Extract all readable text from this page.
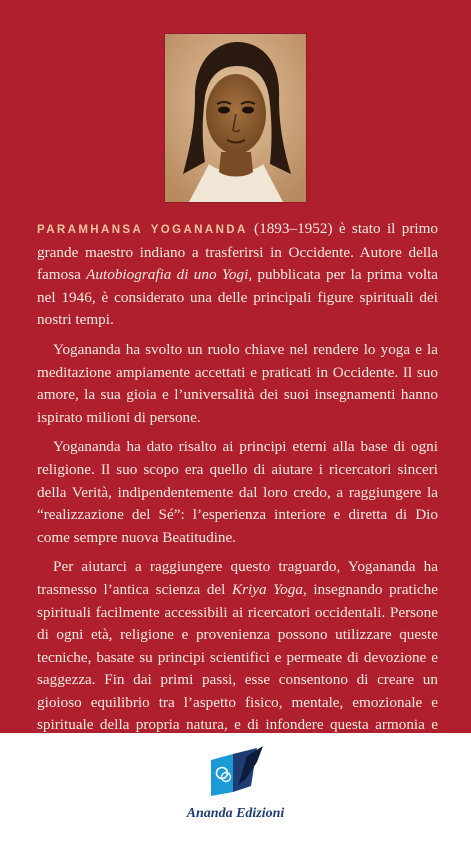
PARAMHANSA YOGANANDA (1893–1952) è stato il primo grande maestro indiano a trasferirsi in Occidente. Autore della famosa Autobiografia di uno Yogi, pubblicata per la prima volta nel 1946, è considerato una delle principali figure spirituali dei nostri tempi.

Yogananda ha svolto un ruolo chiave nel rendere lo yoga e la meditazione ampiamente accettati e praticati in Occidente. Il suo amore, la sua gioia e l’universalità dei suoi insegnamenti hanno ispirato milioni di persone.

Yogananda ha dato risalto ai principi eterni alla base di ogni religione. Il suo scopo era quello di aiutare i ricercatori sinceri della Verità, indipendentemente dal loro credo, a raggiungere la “realizzazione del Sé”: l’esperienza interiore e diretta di Dio come sempre nuova Beatitudine.

Per aiutarci a raggiungere questo traguardo, Yogananda ha trasmesso l’antica scienza del Kriya Yoga, insegnando pratiche spirituali facilmente accessibili ai ricercatori occidentali. Persone di ogni età, religione e provenienza possono utilizzare queste tecniche, basate su principi scientifici e permeate di devozione e saggezza. Fin dai primi passi, esse consentono di creare un gioioso equilibrio tra l’aspetto fisico, mentale, emozionale e spirituale della propria natura, e di infondere questa armonia e

Ananda Edizioni
